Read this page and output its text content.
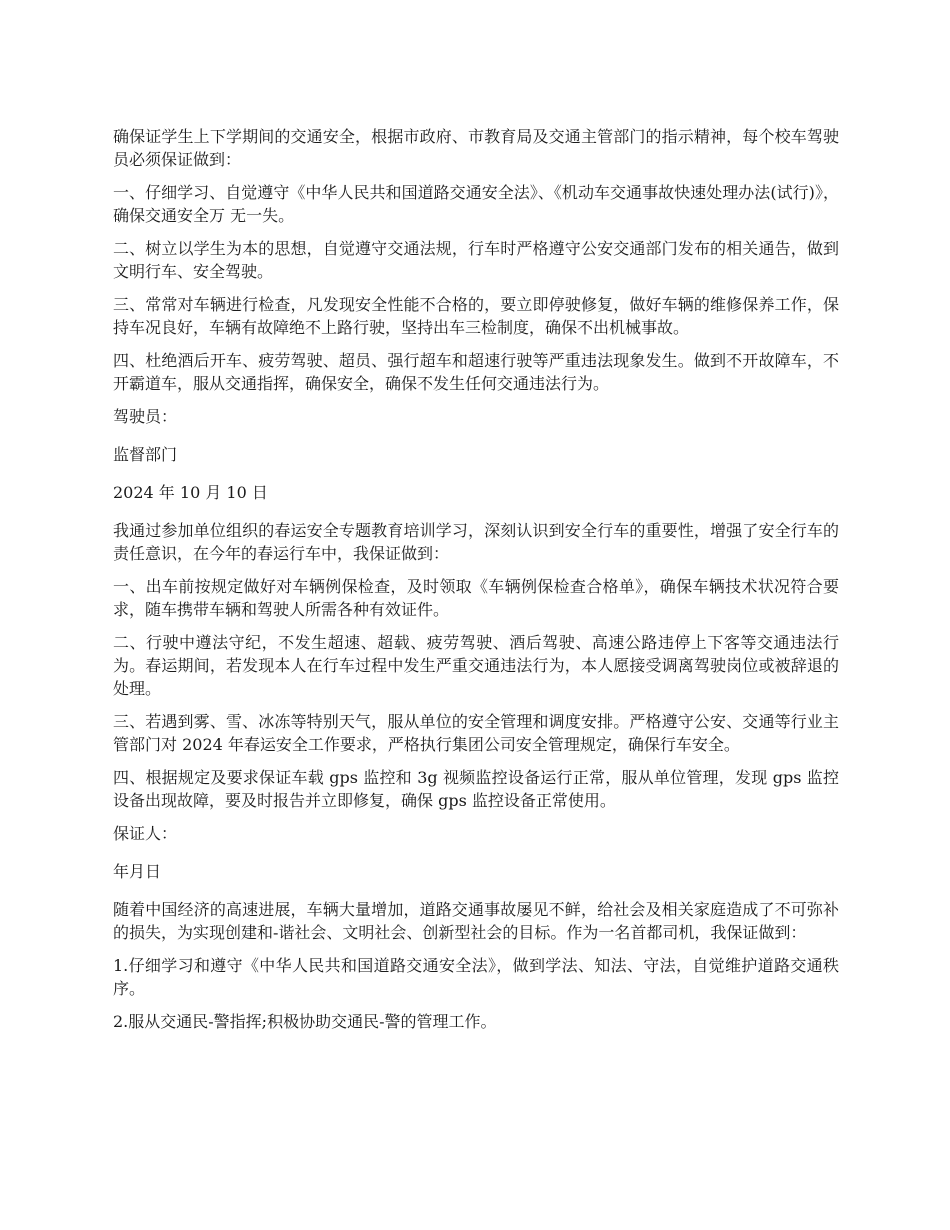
确保证学生上下学期间的交通安全，根据市政府、市教育局及交通主管部门的指示精神，每个校车驾驶员必须保证做到：

一、仔细学习、自觉遵守《中华人民共和国道路交通安全法》、《机动车交通事故快速处理办法(试行)》，确保交通安全万 无一失。

二、树立以学生为本的思想，自觉遵守交通法规，行车时严格遵守公安交通部门发布的相关通告，做到文明行车、安全驾驶。

三、常常对车辆进行检查，凡发现安全性能不合格的，要立即停驶修复，做好车辆的维修保养工作，保持车况良好，车辆有故障绝不上路行驶，坚持出车三检制度，确保不出机械事故。

四、杜绝酒后开车、疲劳驾驶、超员、强行超车和超速行驶等严重违法现象发生。做到不开故障车，不开霸道车，服从交通指挥，确保安全，确保不发生任何交通违法行为。

驾驶员：

监督部门

2024 年 10 月 10 日

我通过参加单位组织的春运安全专题教育培训学习，深刻认识到安全行车的重要性，增强了安全行车的责任意识，在今年的春运行车中，我保证做到：

一、出车前按规定做好对车辆例保检查，及时领取《车辆例保检查合格单》，确保车辆技术状况符合要求，随车携带车辆和驾驶人所需各种有效证件。

二、行驶中遵法守纪，不发生超速、超载、疲劳驾驶、酒后驾驶、高速公路违停上下客等交通违法行为。春运期间，若发现本人在行车过程中发生严重交通违法行为，本人愿接受调离驾驶岗位或被辞退的处理。

三、若遇到雾、雪、冰冻等特别天气，服从单位的安全管理和调度安排。严格遵守公安、交通等行业主管部门对 2024 年春运安全工作要求，严格执行集团公司安全管理规定，确保行车安全。

四、根据规定及要求保证车载 gps 监控和 3g 视频监控设备运行正常，服从单位管理，发现 gps 监控设备出现故障，要及时报告并立即修复，确保 gps 监控设备正常使用。

保证人：

年月日

随着中国经济的高速进展，车辆大量增加，道路交通事故屡见不鲜，给社会及相关家庭造成了不可弥补的损失，为实现创建和-谐社会、文明社会、创新型社会的目标。作为一名首都司机，我保证做到：

1.仔细学习和遵守《中华人民共和国道路交通安全法》，做到学法、知法、守法，自觉维护道路交通秩序。

2.服从交通民-警指挥;积极协助交通民-警的管理工作。
